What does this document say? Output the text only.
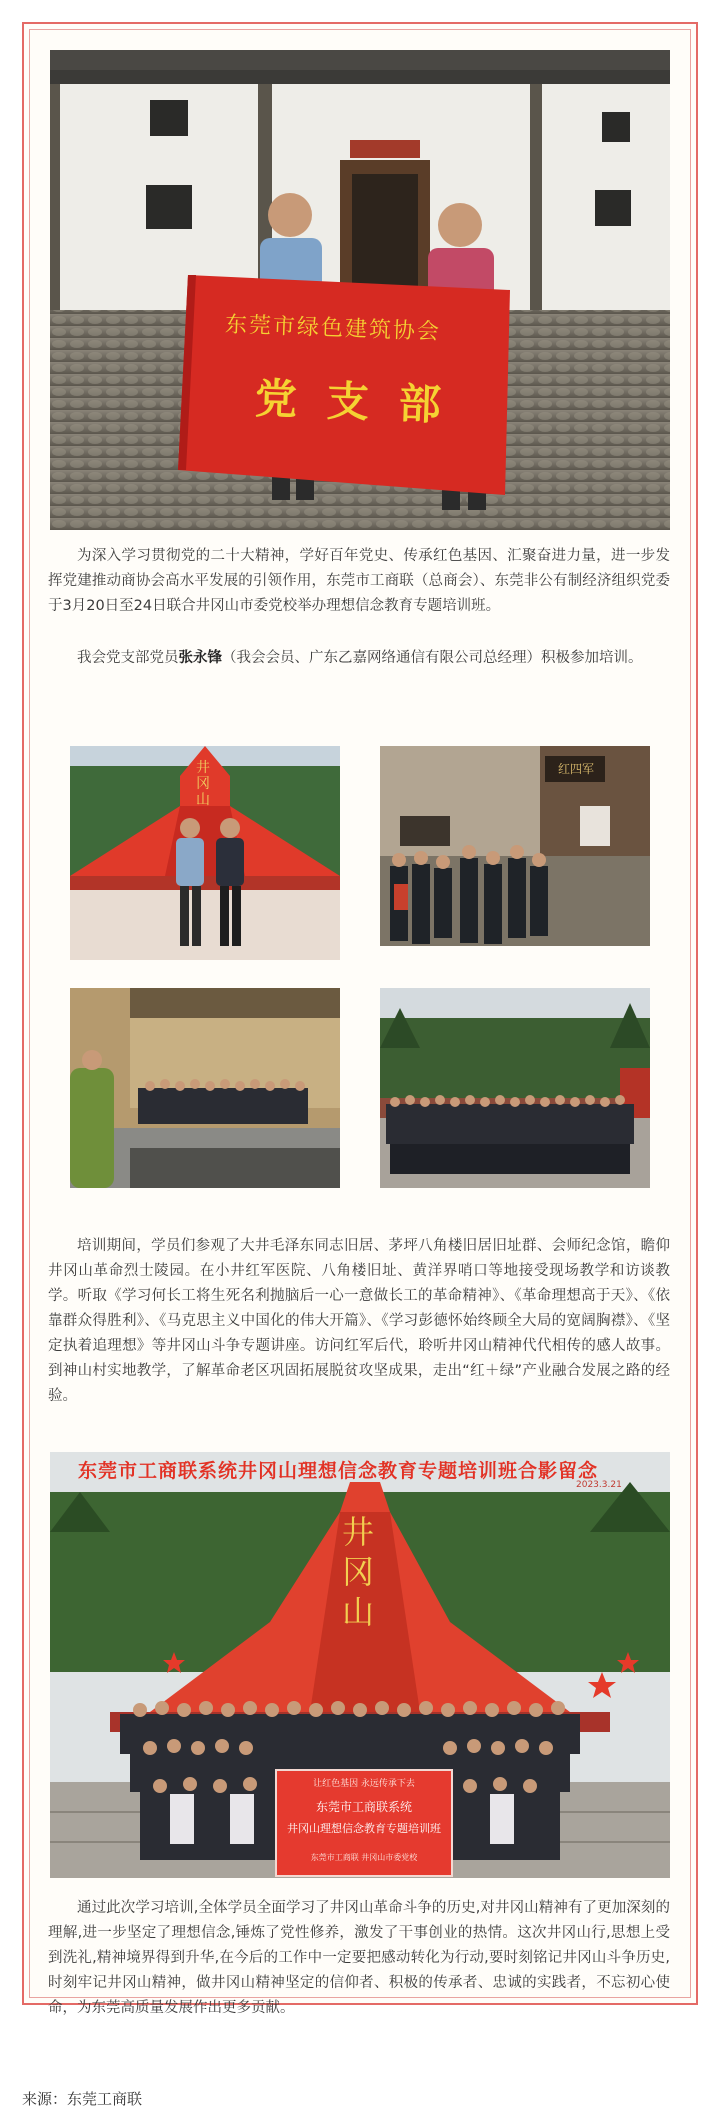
东莞市绿色建筑协会
党支部

为深入学习贯彻党的二十大精神，学好百年党史、传承红色基因、汇聚奋进力量，进一步发挥党建推动商协会高水平发展的引领作用，东莞市工商联（总商会）、东莞非公有制经济组织党委于3月20日至24日联合井冈山市委党校举办理想信念教育专题培训班。

我会党支部党员张永锋（我会会员、广东乙嘉网络通信有限公司总经理）积极参加培训。

井冈山
红四军

培训期间，学员们参观了大井毛泽东同志旧居、茅坪八角楼旧居旧址群、会师纪念馆，瞻仰井冈山革命烈士陵园。在小井红军医院、八角楼旧址、黄洋界哨口等地接受现场教学和访谈教学。听取《学习何长工将生死名利抛脑后一心一意做长工的革命精神》、《革命理想高于天》、《依靠群众得胜利》、《马克思主义中国化的伟大开篇》、《学习彭德怀始终顾全大局的宽阔胸襟》、《坚定执着追理想》等井冈山斗争专题讲座。访问红军后代，聆听井冈山精神代代相传的感人故事。到神山村实地教学，了解革命老区巩固拓展脱贫攻坚成果，走出“红＋绿”产业融合发展之路的经验。

东莞市工商联系统井冈山理想信念教育专题培训班合影留念
2023.3.21
井冈山
让红色基因 永远传承下去
东莞市工商联系统
井冈山理想信念教育专题培训班
东莞市工商联 井冈山市委党校

通过此次学习培训,全体学员全面学习了井冈山革命斗争的历史,对井冈山精神有了更加深刻的理解,进一步坚定了理想信念,锤炼了党性修养，激发了干事创业的热情。这次井冈山行,思想上受到洗礼,精神境界得到升华,在今后的工作中一定要把感动转化为行动,要时刻铭记井冈山斗争历史,时刻牢记井冈山精神，做井冈山精神坚定的信仰者、积极的传承者、忠诚的实践者，不忘初心使命，为东莞高质量发展作出更多贡献。

来源：东莞工商联
